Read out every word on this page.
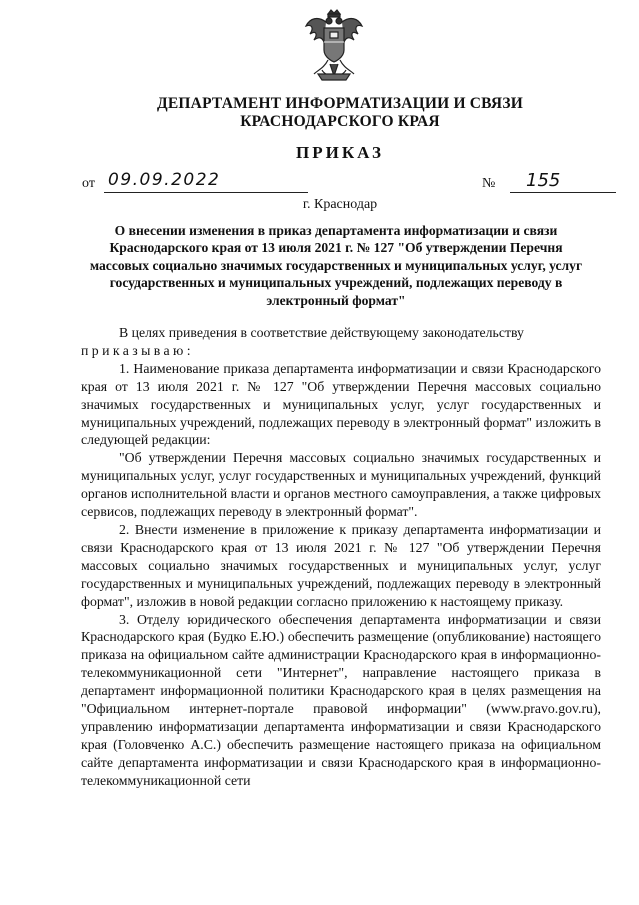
ДЕПАРТАМЕНТ ИНФОРМАТИЗАЦИИ И СВЯЗИ
КРАСНОДАРСКОГО КРАЯ
ПРИКАЗ
от 09.09.2022	№	155
г. Краснодар
О внесении изменения в приказ департамента информатизации и связи Краснодарского края от 13 июля 2021 г. № 127 "Об утверждении Перечня массовых социально значимых государственных и муниципальных услуг, услуг государственных и муниципальных учреждений, подлежащих переводу в электронный формат"

В целях приведения в соответствие действующему законодательству
приказываю:

1. Наименование приказа департамента информатизации и связи Краснодарского края от 13 июля 2021 г. № 127 "Об утверждении Перечня массовых социально значимых государственных и муниципальных услуг, услуг государственных и муниципальных учреждений, подлежащих переводу в электронный формат" изложить в следующей редакции:

"Об утверждении Перечня массовых социально значимых государственных и муниципальных услуг, услуг государственных и муниципальных учреждений, функций органов исполнительной власти и органов местного самоуправления, а также цифровых сервисов, подлежащих переводу в электронный формат".

2. Внести изменение в приложение к приказу департамента информатизации и связи Краснодарского края от 13 июля 2021 г. № 127 "Об утверждении Перечня массовых социально значимых государственных и муниципальных услуг, услуг государственных и муниципальных учреждений, подлежащих переводу в электронный формат", изложив в новой редакции согласно приложению к настоящему приказу.

3. Отделу юридического обеспечения департамента информатизации и связи Краснодарского края (Будко Е.Ю.) обеспечить размещение (опубликование) настоящего приказа на официальном сайте администрации Краснодарского края в информационно-телекоммуникационной сети "Интернет", направление настоящего приказа в департамент информационной политики Краснодарского края в целях размещения на "Официальном интернет-портале правовой информации" (www.pravo.gov.ru), управлению информатизации департамента информатизации и связи Краснодарского края (Головченко А.С.) обеспечить размещение настоящего приказа на официальном сайте департамента информатизации и связи Краснодарского края в информационно-телекоммуникационной сети
